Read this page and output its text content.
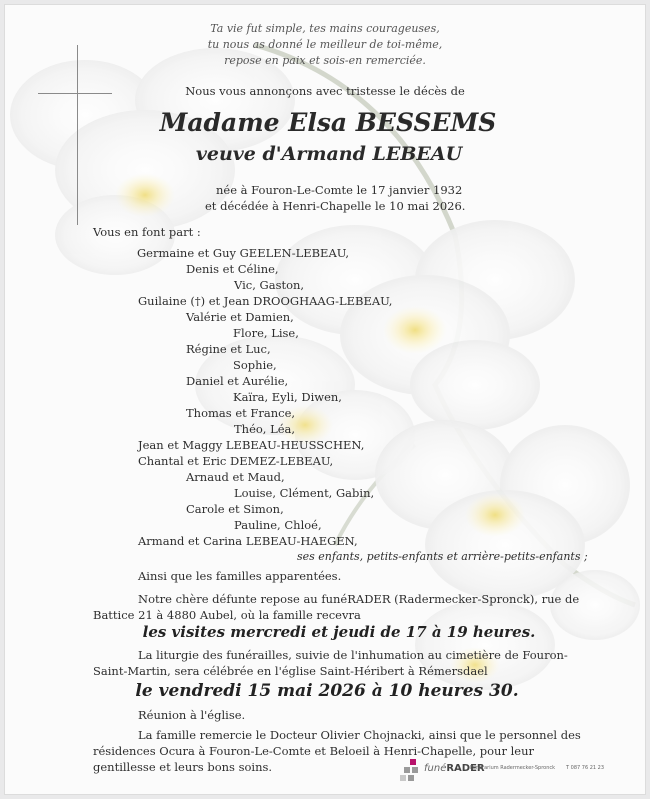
Ta vie fut simple, tes mains courageuses,
tu nous as donné le meilleur de toi-même,
repose en paix et sois-en remerciée.
Nous vous annonçons avec tristesse le décès de
Madame Elsa BESSEMS
veuve d'Armand LEBEAU
née à Fouron-Le-Comte le 17 janvier 1932
et décédée à Henri-Chapelle le 10 mai 2026.
Vous en font part :
Germaine et Guy GEELEN-LEBEAU,
Denis et Céline,
Vic, Gaston,
Guilaine (†) et Jean DROOGHAAG-LEBEAU,
Valérie et Damien,
Flore, Lise,
Régine et Luc,
Sophie,
Daniel et Aurélie,
Kaïra, Eyli, Diwen,
Thomas et France,
Théo, Léa,
Jean et Maggy LEBEAU-HEUSSCHEN,
Chantal et Eric DEMEZ-LEBEAU,
Arnaud et Maud,
Louise, Clément, Gabin,
Carole et Simon,
Pauline, Chloé,
Armand et Carina LEBEAU-HAEGEN,
ses enfants, petits-enfants et arrière-petits-enfants ;
Ainsi que les familles apparentées.
Notre chère défunte repose au funéRADER (Radermecker-Spronck), rue de
Battice 21 à 4880 Aubel, où la famille recevra
les visites mercredi et jeudi de 17 à 19 heures.
La liturgie des funérailles, suivie de l'inhumation au cimetière de Fouron-
Saint-Martin, sera célébrée en l'église Saint-Héribert à Rémersdael
le vendredi 15 mai 2026 à 10 heures 30.
Réunion à l'église.
La famille remercie le Docteur Olivier Chojnacki, ainsi que le personnel des
résidences Ocura à Fouron-Le-Comte et Beloeil à Henri-Chapelle, pour leur
gentillesse et leurs bons soins.	funéRADER
Funérarium Radermecker-Spronck T 087 76 21 23
